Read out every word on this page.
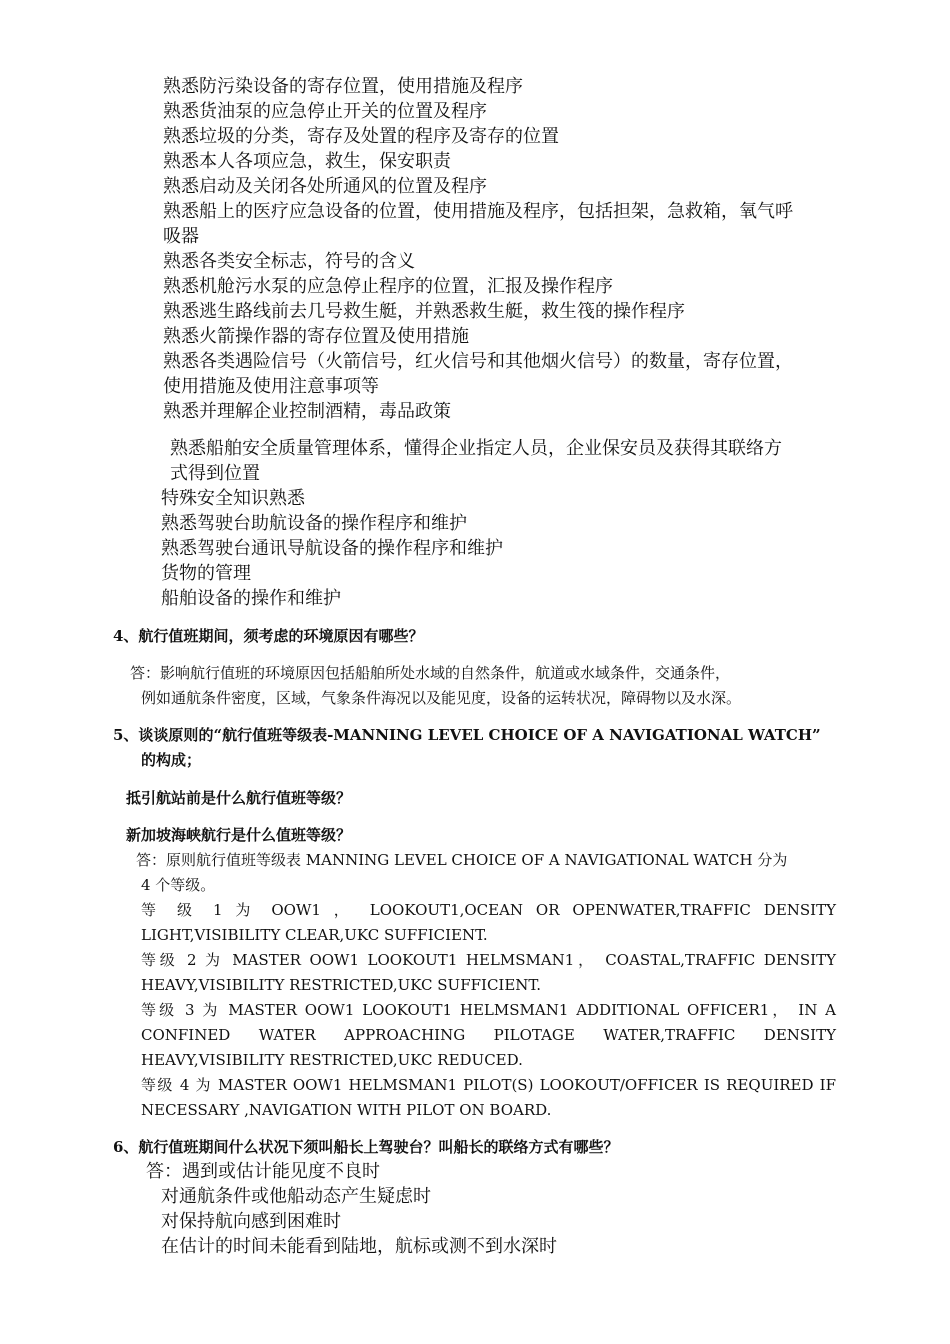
熟悉防污染设备的寄存位置，使用措施及程序
熟悉货油泵的应急停止开关的位置及程序
熟悉垃圾的分类，寄存及处置的程序及寄存的位置
熟悉本人各项应急，救生，保安职责
熟悉启动及关闭各处所通风的位置及程序
熟悉船上的医疗应急设备的位置，使用措施及程序，包括担架，急救箱，氧气呼
吸器
熟悉各类安全标志，符号的含义
熟悉机舱污水泵的应急停止程序的位置，汇报及操作程序
熟悉逃生路线前去几号救生艇，并熟悉救生艇，救生筏的操作程序
熟悉火箭操作器的寄存位置及使用措施
熟悉各类遇险信号（火箭信号，红火信号和其他烟火信号）的数量，寄存位置，
使用措施及使用注意事项等
熟悉并理解企业控制酒精，毒品政策
熟悉船舶安全质量管理体系，懂得企业指定人员，企业保安员及获得其联络方
式得到位置
特殊安全知识熟悉
熟悉驾驶台助航设备的操作程序和维护
熟悉驾驶台通讯导航设备的操作程序和维护
货物的管理
船舶设备的操作和维护
4、航行值班期间，须考虑的环境原因有哪些？
答：影响航行值班的环境原因包括船舶所处水域的自然条件，航道或水域条件，交通条件，
例如通航条件密度，区域，气象条件海况以及能见度，设备的运转状况，障碍物以及水深。
5、谈谈原则的“航行值班等级表-MANNING LEVEL CHOICE OF A NAVIGATIONAL WATCH”
的构成；
抵引航站前是什么航行值班等级？
新加坡海峡航行是什么值班等级？
答：原则航行值班等级表 MANNING LEVEL CHOICE OF A NAVIGATIONAL WATCH 分为
4 个等级。
等 级 1 为 OOW1 ， LOOKOUT1,OCEAN OR OPENWATER,TRAFFIC DENSITY
LIGHT,VISIBILITY CLEAR,UKC SUFFICIENT.
等级 2 为 MASTER OOW1 LOOKOUT1 HELMSMAN1， COASTAL,TRAFFIC DENSITY
HEAVY,VISIBILITY RESTRICTED,UKC SUFFICIENT.
等级 3 为 MASTER OOW1 LOOKOUT1 HELMSMAN1 ADDITIONAL OFFICER1， IN A
CONFINED WATER APPROACHING PILOTAGE WATER,TRAFFIC DENSITY
HEAVY,VISIBILITY RESTRICTED,UKC REDUCED.
等级 4 为 MASTER OOW1 HELMSMAN1 PILOT(S) LOOKOUT/OFFICER IS REQUIRED IF
NECESSARY ,NAVIGATION WITH PILOT ON BOARD.
6、航行值班期间什么状况下须叫船长上驾驶台？叫船长的联络方式有哪些？
答：遇到或估计能见度不良时
对通航条件或他船动态产生疑虑时
对保持航向感到困难时
在估计的时间未能看到陆地，航标或测不到水深时
